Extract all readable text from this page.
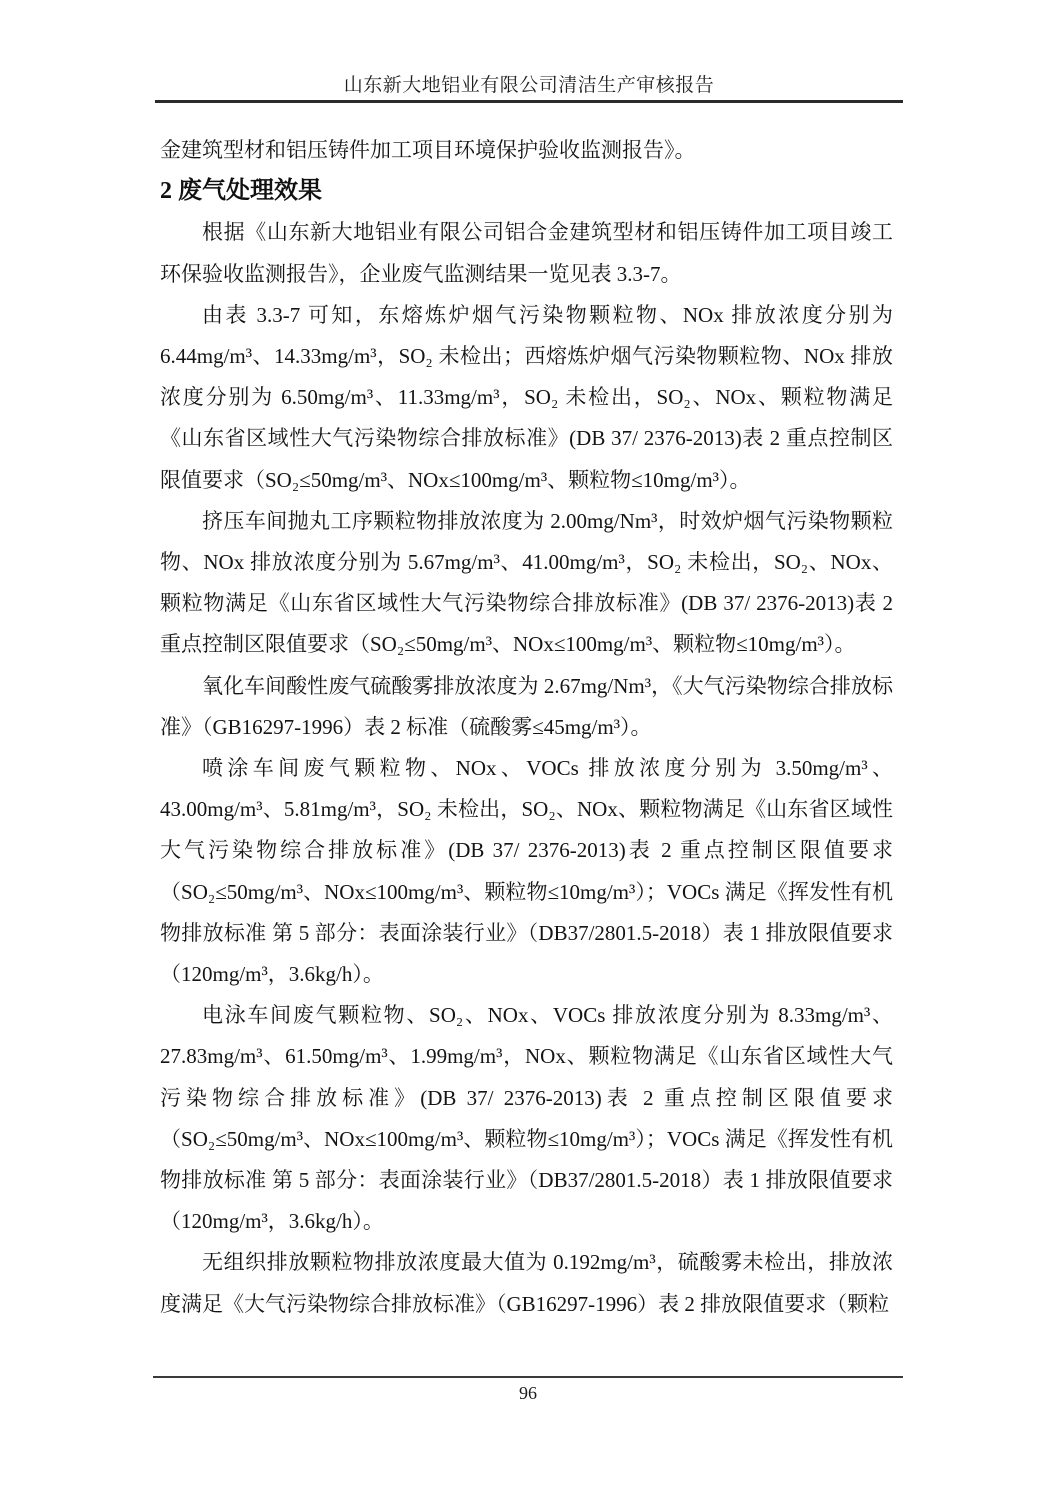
山东新大地铝业有限公司清洁生产审核报告

金建筑型材和铝压铸件加工项目环境保护验收监测报告》。

2 废气处理效果

根据《山东新大地铝业有限公司铝合金建筑型材和铝压铸件加工项目竣工环保验收监测报告》，企业废气监测结果一览见表 3.3-7。

由表 3.3-7 可知，东熔炼炉烟气污染物颗粒物、NOx 排放浓度分别为 6.44mg/m³、14.33mg/m³，SO₂ 未检出；西熔炼炉烟气污染物颗粒物、NOx 排放浓度分别为 6.50mg/m³、11.33mg/m³，SO₂ 未检出，SO₂、NOx、颗粒物满足《山东省区域性大气污染物综合排放标准》(DB 37/ 2376-2013)表 2 重点控制区限值要求（SO₂≤50mg/m³、NOx≤100mg/m³、颗粒物≤10mg/m³）。

挤压车间抛丸工序颗粒物排放浓度为 2.00mg/Nm³，时效炉烟气污染物颗粒物、NOx 排放浓度分别为 5.67mg/m³、41.00mg/m³，SO₂ 未检出，SO₂、NOx、颗粒物满足《山东省区域性大气污染物综合排放标准》(DB 37/ 2376-2013)表 2 重点控制区限值要求（SO₂≤50mg/m³、NOx≤100mg/m³、颗粒物≤10mg/m³）。

氧化车间酸性废气硫酸雾排放浓度为 2.67mg/Nm³，《大气污染物综合排放标准》（GB16297-1996）表 2 标准（硫酸雾≤45mg/m³）。

喷涂车间废气颗粒物、NOx、VOCs 排放浓度分别为 3.50mg/m³、43.00mg/m³、5.81mg/m³，SO₂ 未检出，SO₂、NOx、颗粒物满足《山东省区域性大气污染物综合排放标准》(DB 37/ 2376-2013)表 2 重点控制区限值要求（SO₂≤50mg/m³、NOx≤100mg/m³、颗粒物≤10mg/m³）；VOCs 满足《挥发性有机物排放标准 第 5 部分：表面涂装行业》（DB37/2801.5-2018）表 1 排放限值要求（120mg/m³，3.6kg/h）。

电泳车间废气颗粒物、SO₂、NOx、VOCs 排放浓度分别为 8.33mg/m³、27.83mg/m³、61.50mg/m³、1.99mg/m³，NOx、颗粒物满足《山东省区域性大气污染物综合排放标准》(DB 37/ 2376-2013)表 2 重点控制区限值要求（SO₂≤50mg/m³、NOx≤100mg/m³、颗粒物≤10mg/m³）；VOCs 满足《挥发性有机物排放标准 第 5 部分：表面涂装行业》（DB37/2801.5-2018）表 1 排放限值要求（120mg/m³，3.6kg/h）。

无组织排放颗粒物排放浓度最大值为 0.192mg/m³，硫酸雾未检出，排放浓度满足《大气污染物综合排放标准》（GB16297-1996）表 2 排放限值要求（颗粒

96
